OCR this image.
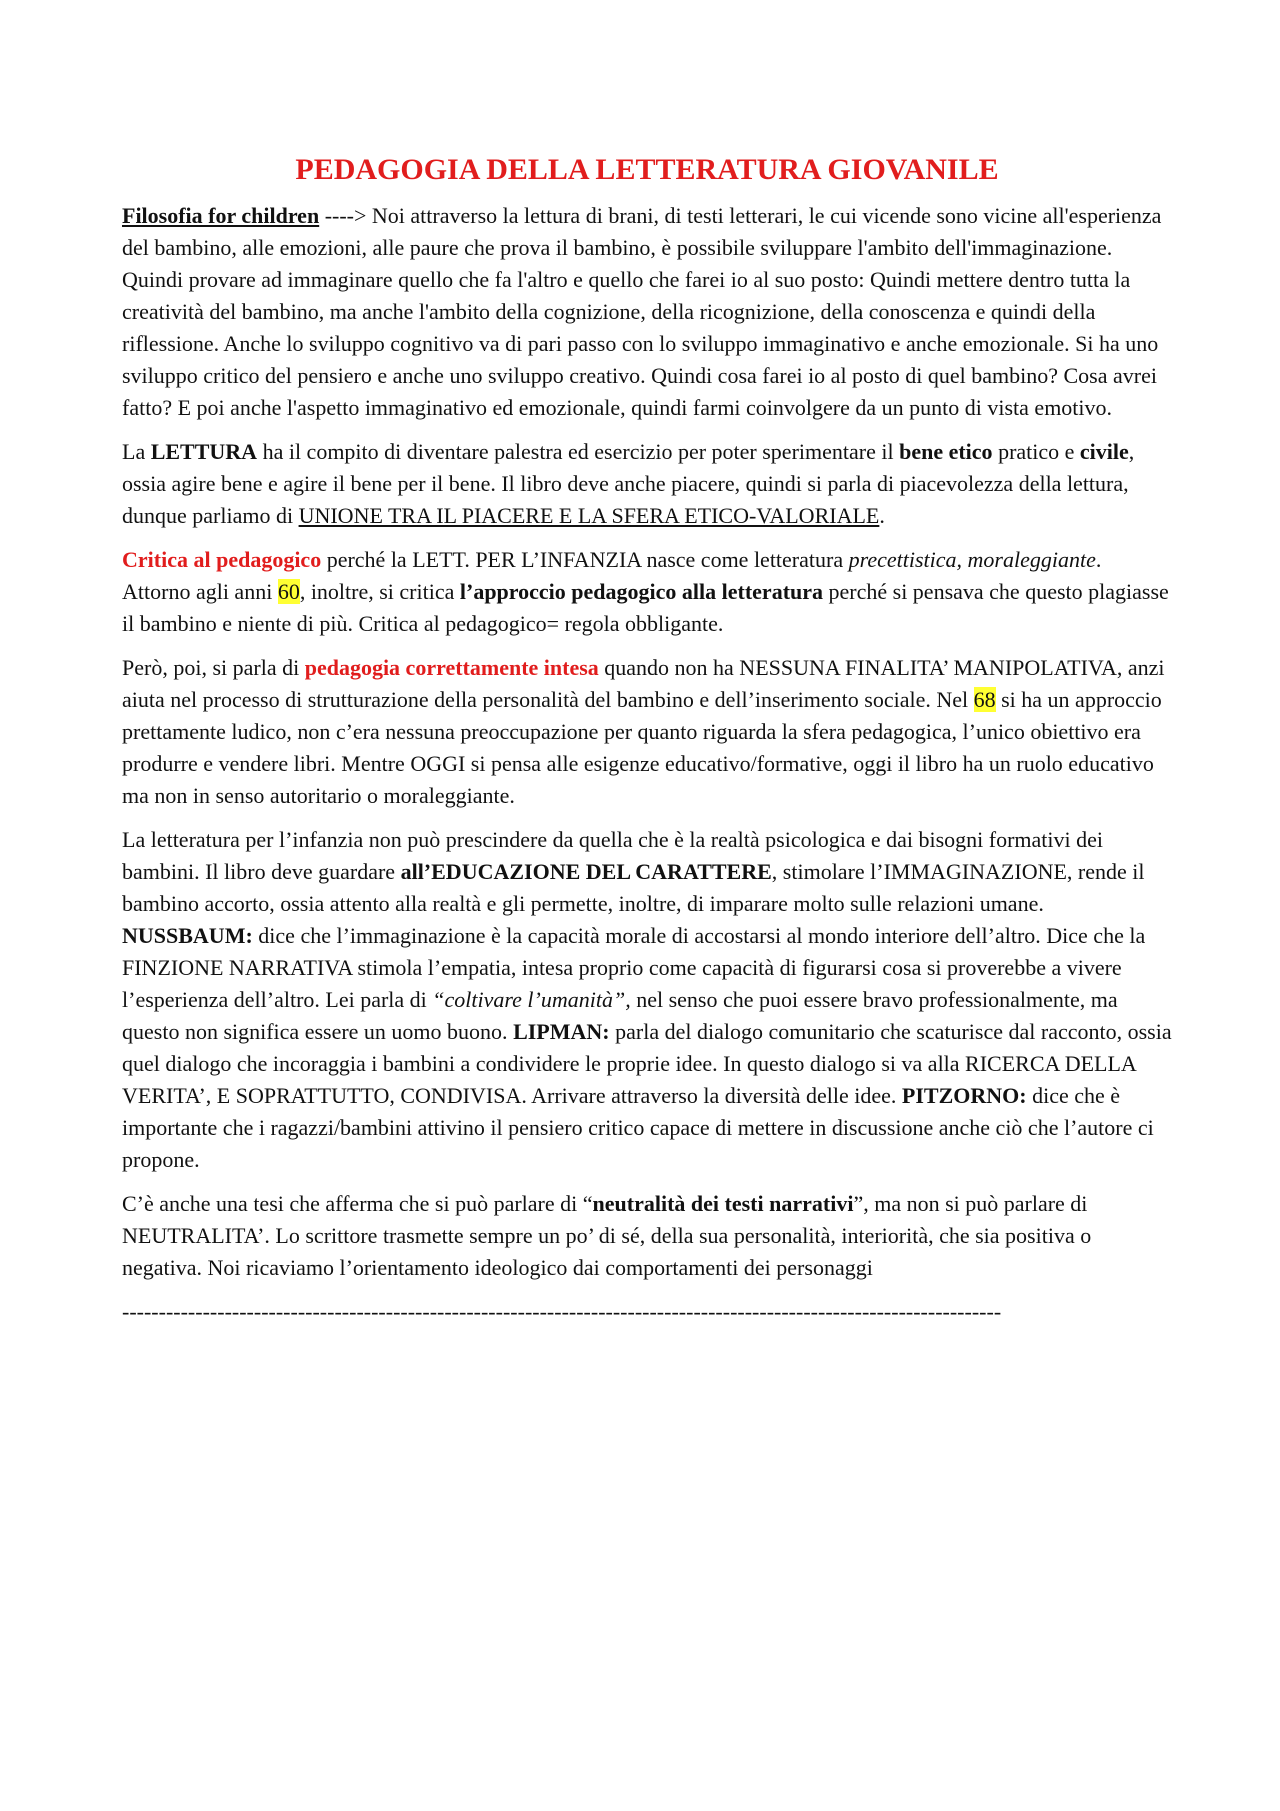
PEDAGOGIA DELLA LETTERATURA GIOVANILE

Filosofia for children ----> Noi attraverso la lettura di brani, di testi letterari, le cui vicende sono vicine all'esperienza del bambino, alle emozioni, alle paure che prova il bambino, è possibile sviluppare l'ambito dell'immaginazione. Quindi provare ad immaginare quello che fa l'altro e quello che farei io al suo posto: Quindi mettere dentro tutta la creatività del bambino, ma anche l'ambito della cognizione, della ricognizione, della conoscenza e quindi della riflessione. Anche lo sviluppo cognitivo va di pari passo con lo sviluppo immaginativo e anche emozionale. Si ha uno sviluppo critico del pensiero e anche uno sviluppo creativo. Quindi cosa farei io al posto di quel bambino? Cosa avrei fatto? E poi anche l'aspetto immaginativo ed emozionale, quindi farmi coinvolgere da un punto di vista emotivo.

La LETTURA ha il compito di diventare palestra ed esercizio per poter sperimentare il bene etico pratico e civile, ossia agire bene e agire il bene per il bene. Il libro deve anche piacere, quindi si parla di piacevolezza della lettura, dunque parliamo di UNIONE TRA IL PIACERE E LA SFERA ETICO-VALORIALE.

Critica al pedagogico perché la LETT. PER L’INFANZIA nasce come letteratura precettistica, moraleggiante. Attorno agli anni 60, inoltre, si critica l’approccio pedagogico alla letteratura perché si pensava che questo plagiasse il bambino e niente di più. Critica al pedagogico= regola obbligante.

Però, poi, si parla di pedagogia correttamente intesa quando non ha NESSUNA FINALITA’ MANIPOLATIVA, anzi aiuta nel processo di strutturazione della personalità del bambino e dell’inserimento sociale. Nel 68 si ha un approccio prettamente ludico, non c’era nessuna preoccupazione per quanto riguarda la sfera pedagogica, l’unico obiettivo era produrre e vendere libri. Mentre OGGI si pensa alle esigenze educativo/formative, oggi il libro ha un ruolo educativo ma non in senso autoritario o moraleggiante.

La letteratura per l’infanzia non può prescindere da quella che è la realtà psicologica e dai bisogni formativi dei bambini. Il libro deve guardare all’EDUCAZIONE DEL CARATTERE, stimolare l’IMMAGINAZIONE, rende il bambino accorto, ossia attento alla realtà e gli permette, inoltre, di imparare molto sulle relazioni umane. NUSSBAUM: dice che l’immaginazione è la capacità morale di accostarsi al mondo interiore dell’altro. Dice che la FINZIONE NARRATIVA stimola l’empatia, intesa proprio come capacità di figurarsi cosa si proverebbe a vivere l’esperienza dell’altro. Lei parla di “coltivare l’umanità”, nel senso che puoi essere bravo professionalmente, ma questo non significa essere un uomo buono. LIPMAN: parla del dialogo comunitario che scaturisce dal racconto, ossia quel dialogo che incoraggia i bambini a condividere le proprie idee. In questo dialogo si va alla RICERCA DELLA VERITA’, E SOPRATTUTTO, CONDIVISA. Arrivare attraverso la diversità delle idee. PITZORNO: dice che è importante che i ragazzi/bambini attivino il pensiero critico capace di mettere in discussione anche ciò che l’autore ci propone.

C’è anche una tesi che afferma che si può parlare di “neutralità dei testi narrativi”, ma non si può parlare di NEUTRALITA’. Lo scrittore trasmette sempre un po’ di sé, della sua personalità, interiorità, che sia positiva o negativa. Noi ricaviamo l’orientamento ideologico dai comportamenti dei personaggi

------------------------------------------------------------------------------------------------------------------------
